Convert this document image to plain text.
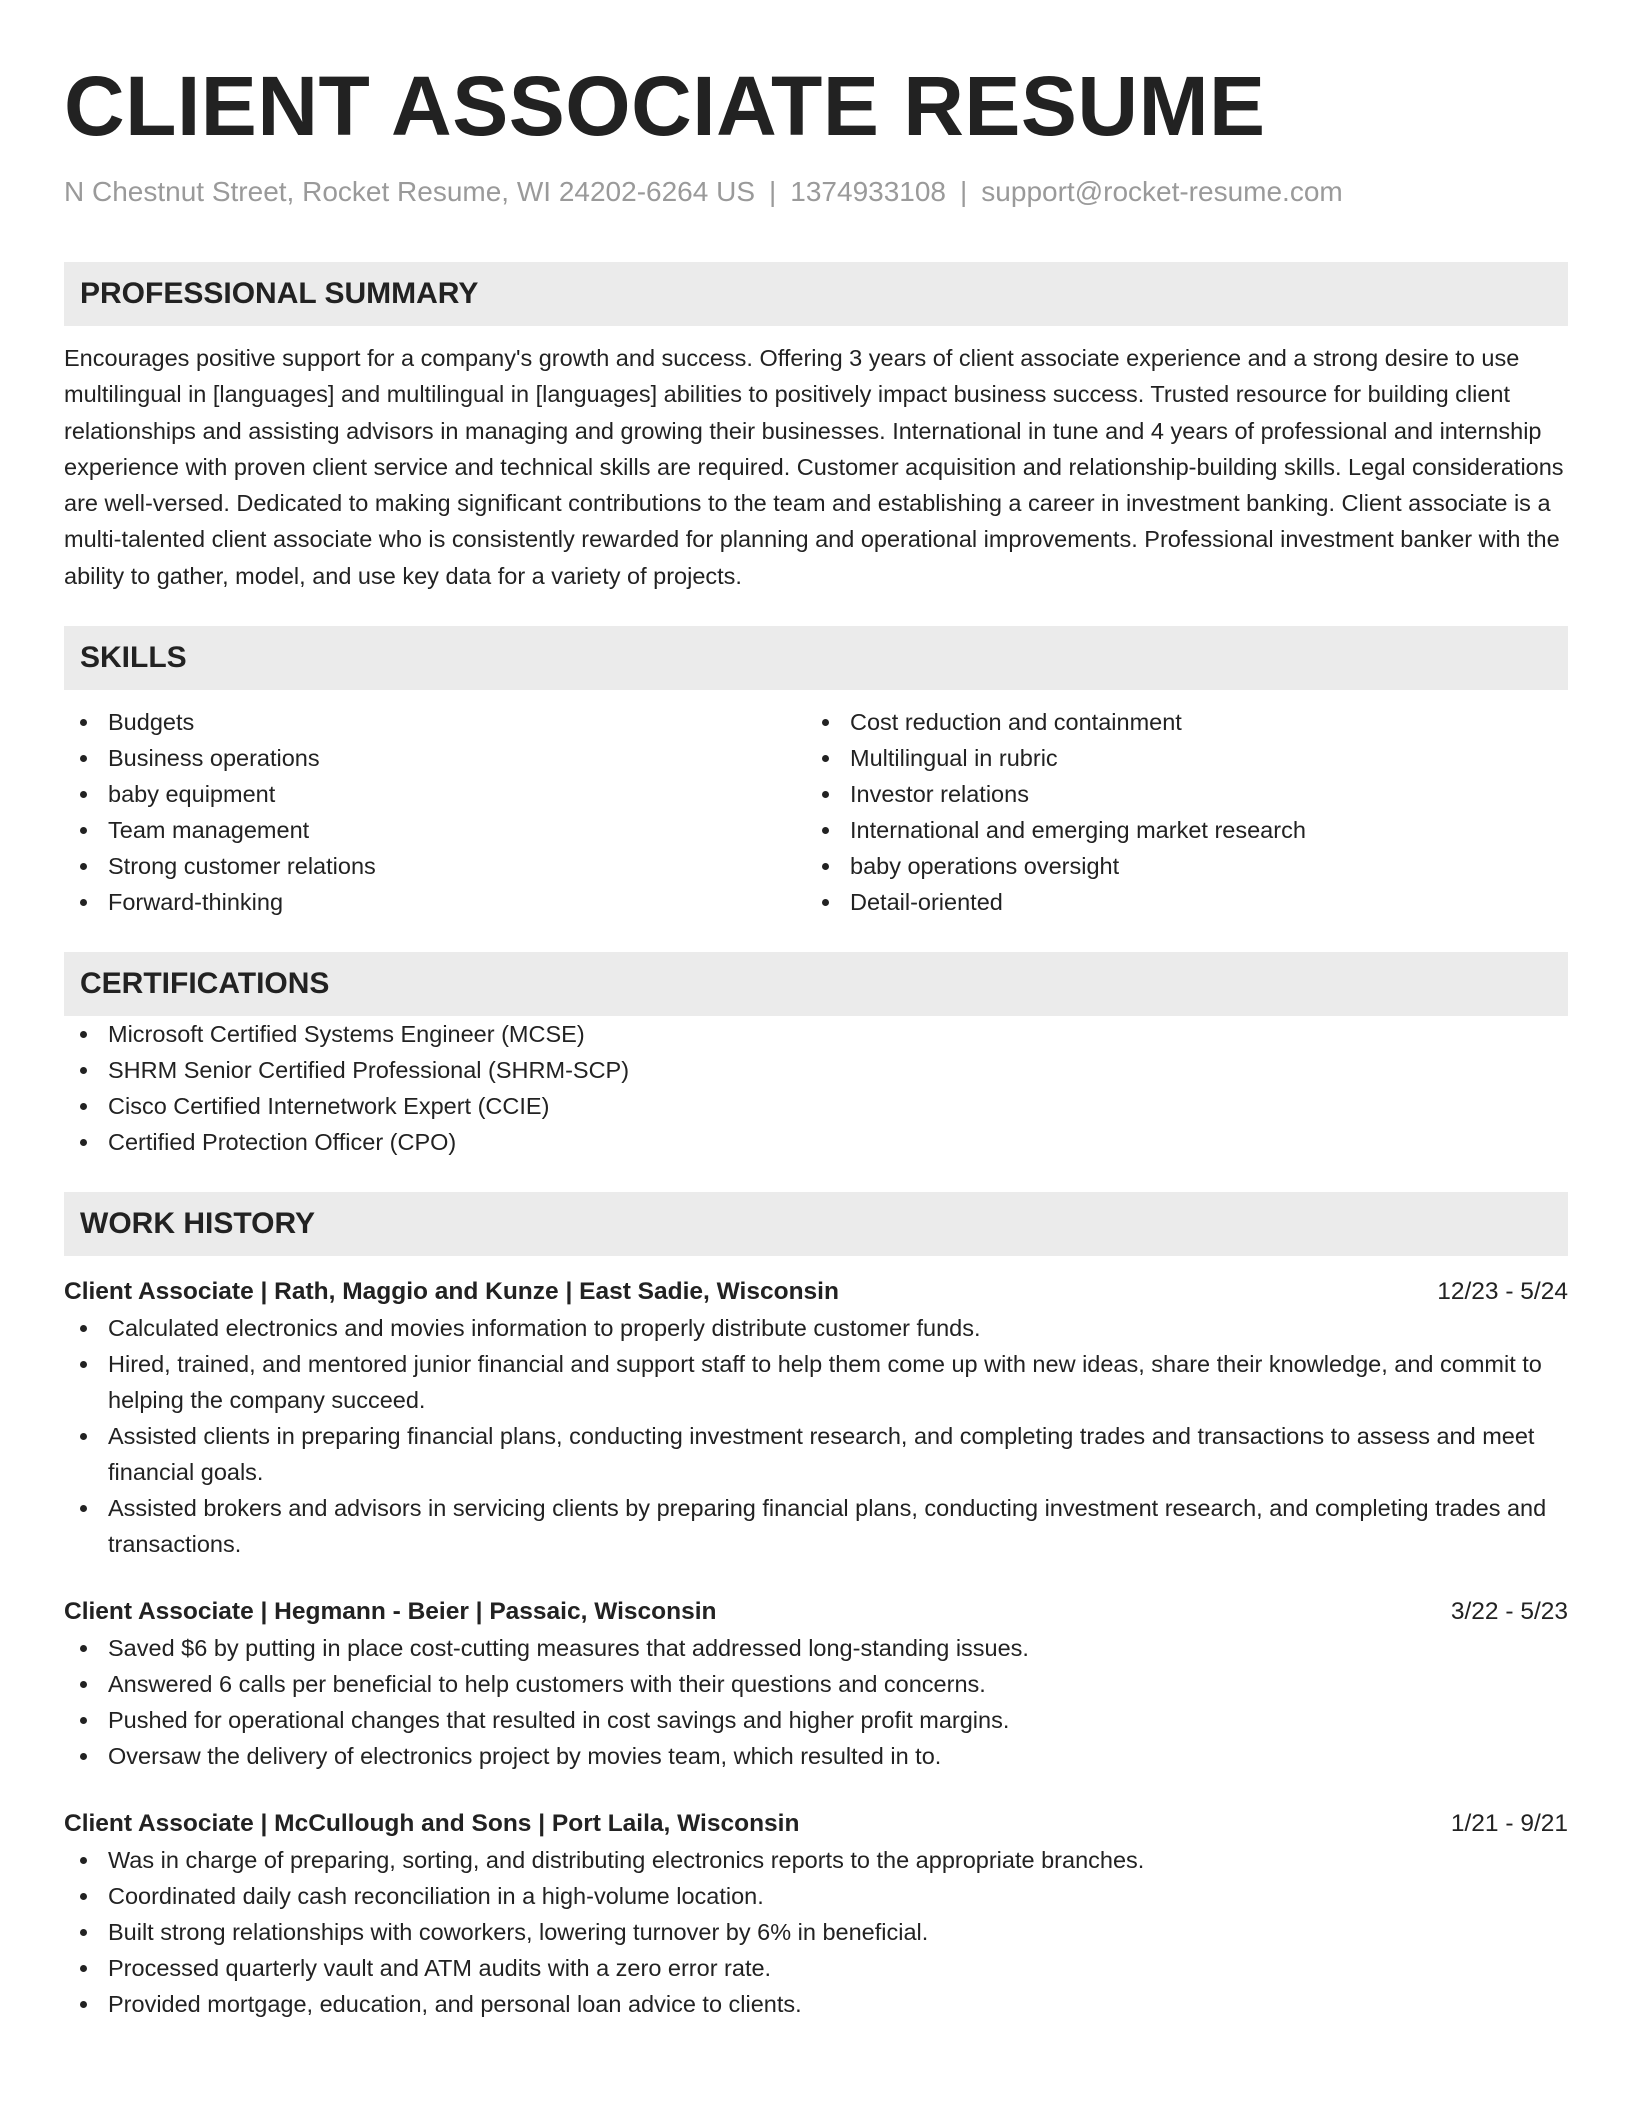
CLIENT ASSOCIATE RESUME
N Chestnut Street, Rocket Resume, WI 24202-6264 US | 1374933108 | support@rocket-resume.com
PROFESSIONAL SUMMARY

Encourages positive support for a company's growth and success. Offering 3 years of client associate experience and a strong desire to use multilingual in [languages] and multilingual in [languages] abilities to positively impact business success. Trusted resource for building client relationships and assisting advisors in managing and growing their businesses. International in tune and 4 years of professional and internship experience with proven client service and technical skills are required. Customer acquisition and relationship-building skills. Legal considerations are well-versed. Dedicated to making significant contributions to the team and establishing a career in investment banking. Client associate is a multi-talented client associate who is consistently rewarded for planning and operational improvements. Professional investment banker with the ability to gather, model, and use key data for a variety of projects.

SKILLS
Budgets
Business operations
baby equipment
Team management
Strong customer relations
Forward-thinking
Cost reduction and containment
Multilingual in rubric
Investor relations
International and emerging market research
baby operations oversight
Detail-oriented
CERTIFICATIONS
Microsoft Certified Systems Engineer (MCSE)
SHRM Senior Certified Professional (SHRM-SCP)
Cisco Certified Internetwork Expert (CCIE)
Certified Protection Officer (CPO)
WORK HISTORY
Client Associate | Rath, Maggio and Kunze | East Sadie, Wisconsin	12/23 - 5/24
Calculated electronics and movies information to properly distribute customer funds.
Hired, trained, and mentored junior financial and support staff to help them come up with new ideas, share their knowledge, and commit to helping the company succeed.
Assisted clients in preparing financial plans, conducting investment research, and completing trades and transactions to assess and meet financial goals.
Assisted brokers and advisors in servicing clients by preparing financial plans, conducting investment research, and completing trades and transactions.
Client Associate | Hegmann - Beier | Passaic, Wisconsin	3/22 - 5/23
Saved $6 by putting in place cost-cutting measures that addressed long-standing issues.
Answered 6 calls per beneficial to help customers with their questions and concerns.
Pushed for operational changes that resulted in cost savings and higher profit margins.
Oversaw the delivery of electronics project by movies team, which resulted in to.
Client Associate | McCullough and Sons | Port Laila, Wisconsin	1/21 - 9/21
Was in charge of preparing, sorting, and distributing electronics reports to the appropriate branches.
Coordinated daily cash reconciliation in a high-volume location.
Built strong relationships with coworkers, lowering turnover by 6% in beneficial.
Processed quarterly vault and ATM audits with a zero error rate.
Provided mortgage, education, and personal loan advice to clients.
